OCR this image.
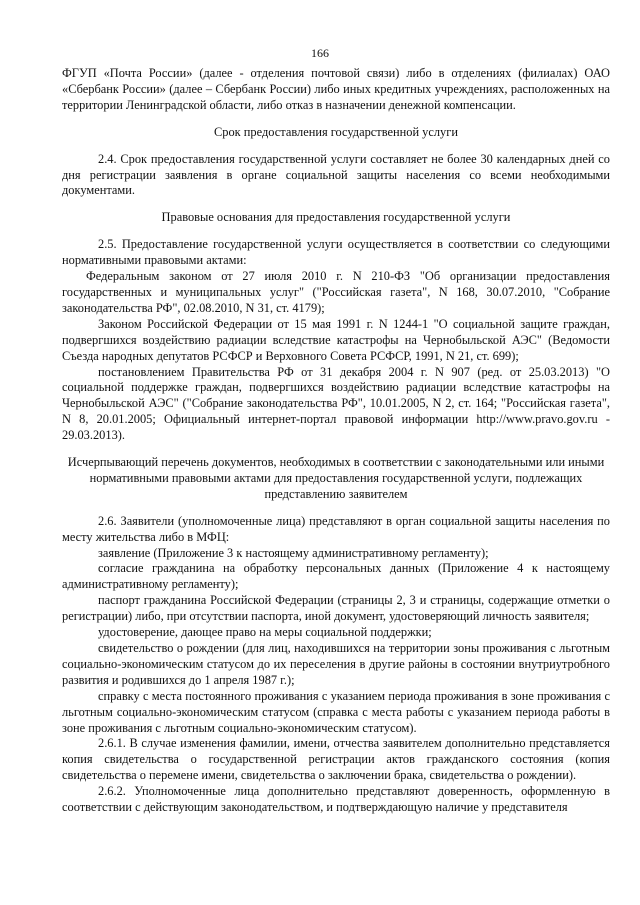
166

ФГУП «Почта России» (далее - отделения почтовой связи) либо в отделениях (филиалах) ОАО «Сбербанк России» (далее – Сбербанк России) либо иных кредитных учреждениях, расположенных на территории Ленинградской области, либо отказ в назначении денежной компенсации.

Срок предоставления государственной услуги

2.4. Срок предоставления государственной услуги составляет не более 30 календарных дней со дня регистрации заявления в органе социальной защиты населения со всеми необходимыми документами.

Правовые основания для предоставления государственной услуги

2.5. Предоставление государственной услуги осуществляется в соответствии со следующими нормативными правовыми актами:

Федеральным законом от 27 июля 2010 г. N 210-ФЗ "Об организации предоставления государственных и муниципальных услуг" ("Российская газета", N 168, 30.07.2010, "Собрание законодательства РФ", 02.08.2010, N 31, ст. 4179);

Законом Российской Федерации от 15 мая 1991 г. N 1244-1 "О социальной защите граждан, подвергшихся воздействию радиации вследствие катастрофы на Чернобыльской АЭС" (Ведомости Съезда народных депутатов РСФСР и Верховного Совета РСФСР, 1991, N 21, ст. 699);

постановлением Правительства РФ от 31 декабря 2004 г. N 907 (ред. от 25.03.2013) "О социальной поддержке граждан, подвергшихся воздействию радиации вследствие катастрофы на Чернобыльской АЭС" ("Собрание законодательства РФ", 10.01.2005, N 2, ст. 164; "Российская газета", N 8, 20.01.2005; Официальный интернет-портал правовой информации http://www.pravo.gov.ru - 29.03.2013).

Исчерпывающий перечень документов, необходимых в соответствии с законодательными или иными нормативными правовыми актами для предоставления государственной услуги, подлежащих представлению заявителем

2.6. Заявители (уполномоченные лица) представляют в орган социальной защиты населения по месту жительства либо в МФЦ:

заявление (Приложение 3 к настоящему административному регламенту);

согласие гражданина на обработку персональных данных (Приложение 4 к настоящему административному регламенту);

паспорт гражданина Российской Федерации (страницы 2, 3 и страницы, содержащие отметки о регистрации) либо, при отсутствии паспорта, иной документ, удостоверяющий личность заявителя;

удостоверение, дающее право на меры социальной поддержки;

свидетельство о рождении (для лиц, находившихся на территории зоны проживания с льготным социально-экономическим статусом до их переселения в другие районы в состоянии внутриутробного развития и родившихся до 1 апреля 1987 г.);

справку с места постоянного проживания с указанием периода проживания в зоне проживания с льготным социально-экономическим статусом (справка с места работы с указанием периода работы в зоне проживания с льготным социально-экономическим статусом).

2.6.1. В случае изменения фамилии, имени, отчества заявителем дополнительно представляется копия свидетельства о государственной регистрации актов гражданского состояния (копия свидетельства о перемене имени, свидетельства о заключении брака, свидетельства о рождении).

2.6.2. Уполномоченные лица дополнительно представляют доверенность, оформленную в соответствии с действующим законодательством, и подтверждающую наличие у представителя
